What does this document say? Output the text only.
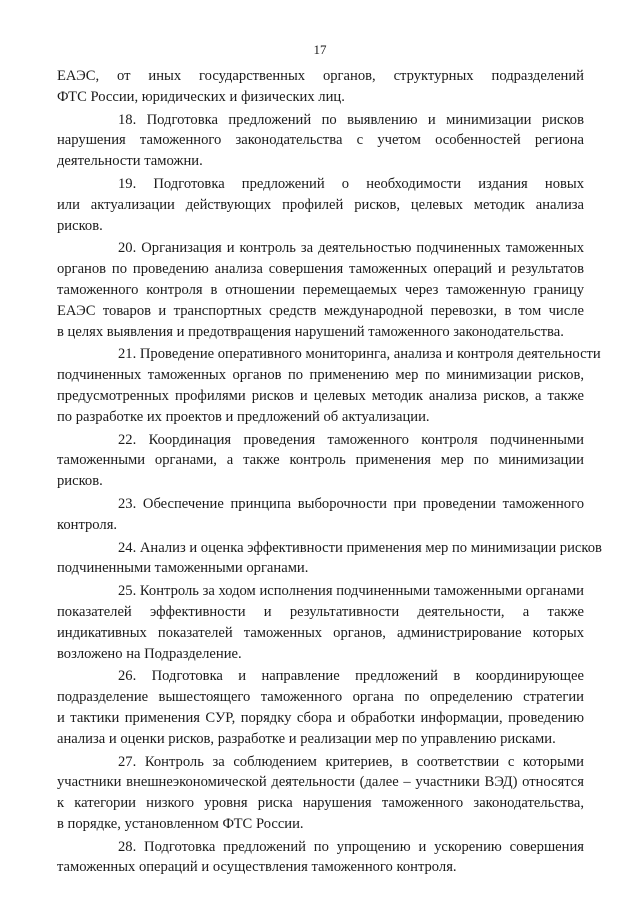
17
ЕАЭС, от иных государственных органов, структурных подразделений
ФТС России, юридических и физических лиц.
18. Подготовка предложений по выявлению и минимизации рисков
нарушения таможенного законодательства с учетом особенностей региона
деятельности таможни.
19. Подготовка предложений о необходимости издания новых
или актуализации действующих профилей рисков, целевых методик анализа
рисков.
20. Организация и контроль за деятельностью подчиненных таможенных
органов по проведению анализа совершения таможенных операций и результатов
таможенного контроля в отношении перемещаемых через таможенную границу
ЕАЭС товаров и транспортных средств международной перевозки, в том числе
в целях выявления и предотвращения нарушений таможенного законодательства.
21. Проведение оперативного мониторинга, анализа и контроля деятельности
подчиненных таможенных органов по применению мер по минимизации рисков,
предусмотренных профилями рисков и целевых методик анализа рисков, а также
по разработке их проектов и предложений об актуализации.
22. Координация проведения таможенного контроля подчиненными
таможенными органами, а также контроль применения мер по минимизации
рисков.
23. Обеспечение принципа выборочности при проведении таможенного
контроля.
24. Анализ и оценка эффективности применения мер по минимизации рисков
подчиненными таможенными органами.
25. Контроль за ходом исполнения подчиненными таможенными органами
показателей эффективности и результативности деятельности, а также
индикативных показателей таможенных органов, администрирование которых
возложено на Подразделение.
26. Подготовка и направление предложений в координирующее
подразделение вышестоящего таможенного органа по определению стратегии
и тактики применения СУР, порядку сбора и обработки информации, проведению
анализа и оценки рисков, разработке и реализации мер по управлению рисками.
27. Контроль за соблюдением критериев, в соответствии с которыми
участники внешнеэкономической деятельности (далее – участники ВЭД) относятся
к категории низкого уровня риска нарушения таможенного законодательства,
в порядке, установленном ФТС России.
28. Подготовка предложений по упрощению и ускорению совершения
таможенных операций и осуществления таможенного контроля.
